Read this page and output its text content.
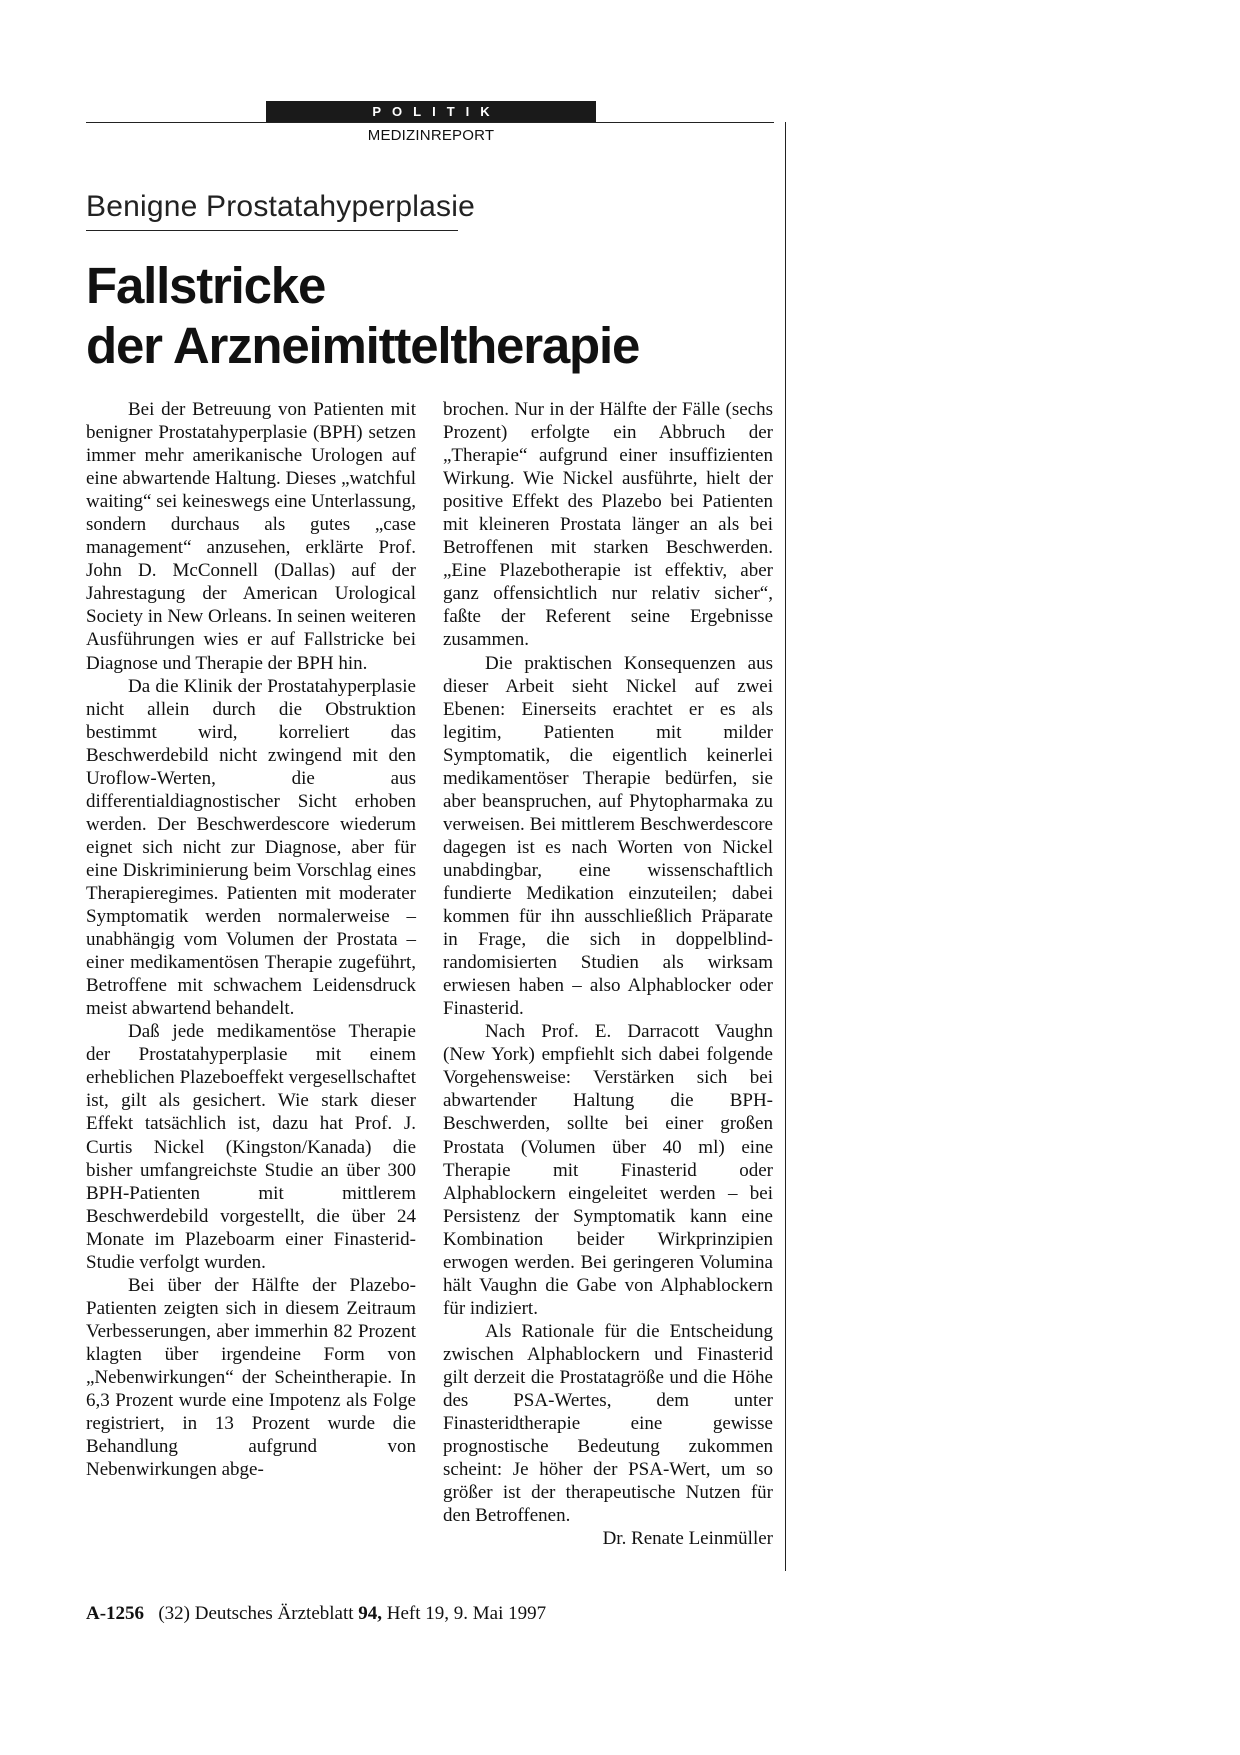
POLITIK
MEDIZINREPORT
Benigne Prostatahyperplasie
Fallstricke
der Arzneimitteltherapie

Bei der Betreuung von Patienten mit benigner Prostatahyperplasie (BPH) setzen immer mehr amerikanische Urologen auf eine abwartende Haltung. Dieses „watchful waiting“ sei keineswegs eine Unterlassung, sondern durchaus als gutes „case management“ anzusehen, erklärte Prof. John D. McConnell (Dallas) auf der Jahrestagung der American Urological Society in New Orleans. In seinen weiteren Ausführungen wies er auf Fallstricke bei Diagnose und Therapie der BPH hin.

Da die Klinik der Prostatahyperplasie nicht allein durch die Obstruktion bestimmt wird, korreliert das Beschwerdebild nicht zwingend mit den Uroflow-Werten, die aus differentialdiagnostischer Sicht erhoben werden. Der Beschwerdescore wiederum eignet sich nicht zur Diagnose, aber für eine Diskriminierung beim Vorschlag eines Therapieregimes. Patienten mit moderater Symptomatik werden normalerweise – unabhängig vom Volumen der Prostata – einer medikamentösen Therapie zugeführt, Betroffene mit schwachem Leidensdruck meist abwartend behandelt.

Daß jede medikamentöse Therapie der Prostatahyperplasie mit einem erheblichen Plazeboeffekt vergesellschaftet ist, gilt als gesichert. Wie stark dieser Effekt tatsächlich ist, dazu hat Prof. J. Curtis Nickel (Kingston/Kanada) die bisher umfangreichste Studie an über 300 BPH-Patienten mit mittlerem Beschwerdebild vorgestellt, die über 24 Monate im Plazeboarm einer Finasterid-Studie verfolgt wurden.

Bei über der Hälfte der Plazebo-Patienten zeigten sich in diesem Zeitraum Verbesserungen, aber immerhin 82 Prozent klagten über irgendeine Form von „Nebenwirkungen“ der Scheintherapie. In 6,3 Prozent wurde eine Impotenz als Folge registriert, in 13 Prozent wurde die Behandlung aufgrund von Nebenwirkungen abge-

brochen. Nur in der Hälfte der Fälle (sechs Prozent) erfolgte ein Abbruch der „Therapie“ aufgrund einer insuffizienten Wirkung. Wie Nickel ausführte, hielt der positive Effekt des Plazebo bei Patienten mit kleineren Prostata länger an als bei Betroffenen mit starken Beschwerden. „Eine Plazebotherapie ist effektiv, aber ganz offensichtlich nur relativ sicher“, faßte der Referent seine Ergebnisse zusammen.

Die praktischen Konsequenzen aus dieser Arbeit sieht Nickel auf zwei Ebenen: Einerseits erachtet er es als legitim, Patienten mit milder Symptomatik, die eigentlich keinerlei medikamentöser Therapie bedürfen, sie aber beanspruchen, auf Phytopharmaka zu verweisen. Bei mittlerem Beschwerdescore dagegen ist es nach Worten von Nickel unabdingbar, eine wissenschaftlich fundierte Medikation einzuteilen; dabei kommen für ihn ausschließlich Präparate in Frage, die sich in doppelblind-randomisierten Studien als wirksam erwiesen haben – also Alphablocker oder Finasterid.

Nach Prof. E. Darracott Vaughn (New York) empfiehlt sich dabei folgende Vorgehensweise: Verstärken sich bei abwartender Haltung die BPH-Beschwerden, sollte bei einer großen Prostata (Volumen über 40 ml) eine Therapie mit Finasterid oder Alphablockern eingeleitet werden – bei Persistenz der Symptomatik kann eine Kombination beider Wirkprinzipien erwogen werden. Bei geringeren Volumina hält Vaughn die Gabe von Alphablockern für indiziert.

Als Rationale für die Entscheidung zwischen Alphablockern und Finasterid gilt derzeit die Prostatagröße und die Höhe des PSA-Wertes, dem unter Finasteridtherapie eine gewisse prognostische Bedeutung zukommen scheint: Je höher der PSA-Wert, um so größer ist der therapeutische Nutzen für den Betroffenen.
Dr. Renate Leinmüller

A-1256 (32) Deutsches Ärzteblatt 94, Heft 19, 9. Mai 1997
